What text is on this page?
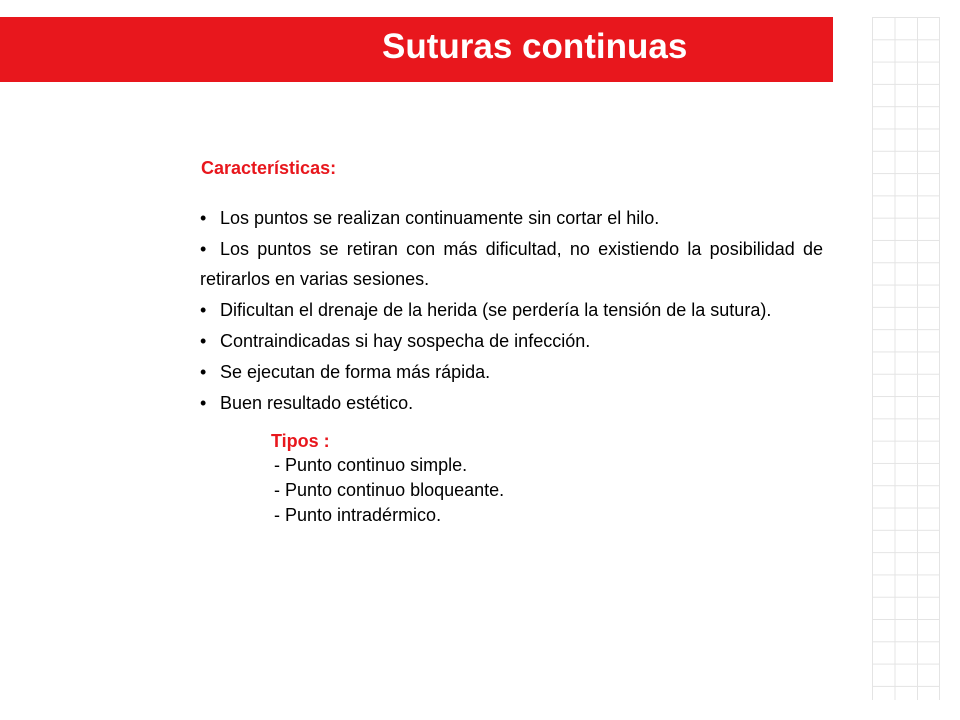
Suturas continuas
Características:
• Los puntos se realizan continuamente sin cortar el hilo.
• Los puntos se retiran con más dificultad, no existiendo la posibilidad de retirarlos en varias sesiones.
• Dificultan el drenaje de la herida (se perdería la tensión de la sutura).
• Contraindicadas si hay sospecha de infección.
• Se ejecutan de forma más rápida.
• Buen resultado estético.
Tipos :
- Punto continuo simple.
- Punto continuo bloqueante.
- Punto intradérmico.
